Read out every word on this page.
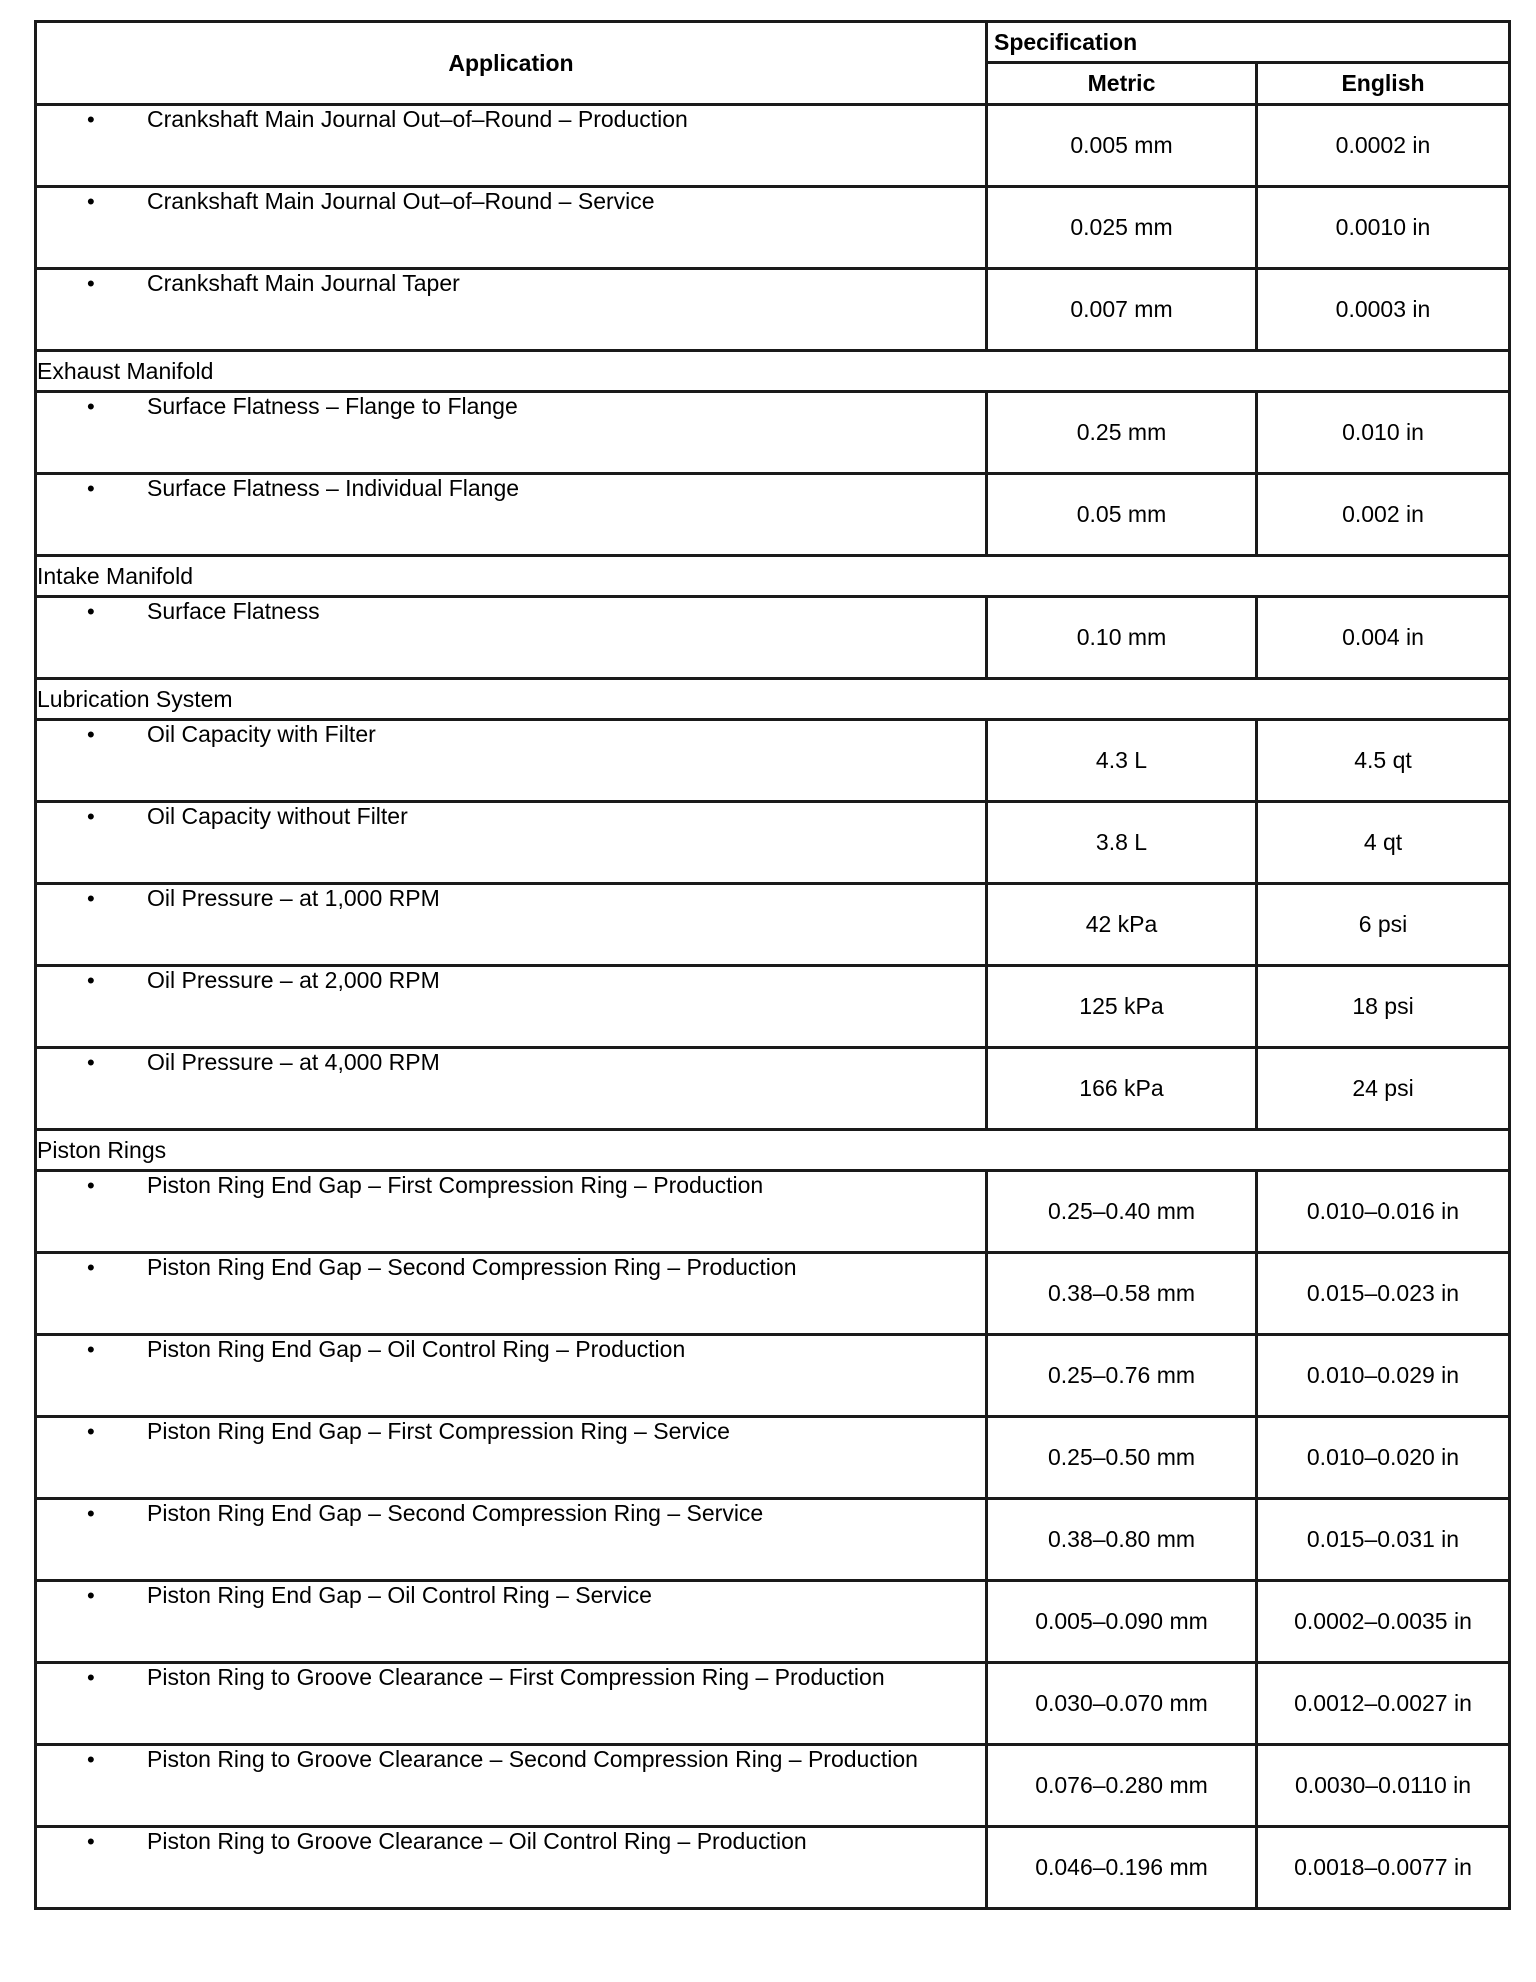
Application	Specification	
	Metric	English
• Crankshaft Main Journal Out–of–Round – Production	0.005 mm	0.0002 in
• Crankshaft Main Journal Out–of–Round – Service	0.025 mm	0.0010 in
• Crankshaft Main Journal Taper	0.007 mm	0.0003 in
Exhaust Manifold		
• Surface Flatness – Flange to Flange	0.25 mm	0.010 in
• Surface Flatness – Individual Flange	0.05 mm	0.002 in
Intake Manifold		
• Surface Flatness	0.10 mm	0.004 in
Lubrication System		
• Oil Capacity with Filter	4.3 L	4.5 qt
• Oil Capacity without Filter	3.8 L	4 qt
• Oil Pressure – at 1,000 RPM	42 kPa	6 psi
• Oil Pressure – at 2,000 RPM	125 kPa	18 psi
• Oil Pressure – at 4,000 RPM	166 kPa	24 psi
Piston Rings		
• Piston Ring End Gap – First Compression Ring – Production	0.25–0.40 mm	0.010–0.016 in
• Piston Ring End Gap – Second Compression Ring – Production	0.38–0.58 mm	0.015–0.023 in
• Piston Ring End Gap – Oil Control Ring – Production	0.25–0.76 mm	0.010–0.029 in
• Piston Ring End Gap – First Compression Ring – Service	0.25–0.50 mm	0.010–0.020 in
• Piston Ring End Gap – Second Compression Ring – Service	0.38–0.80 mm	0.015–0.031 in
• Piston Ring End Gap – Oil Control Ring – Service	0.005–0.090 mm	0.0002–0.0035 in
• Piston Ring to Groove Clearance – First Compression Ring – Production	0.030–0.070 mm	0.0012–0.0027 in
• Piston Ring to Groove Clearance – Second Compression Ring – Production	0.076–0.280 mm	0.0030–0.0110 in
• Piston Ring to Groove Clearance – Oil Control Ring – Production	0.046–0.196 mm	0.0018–0.0077 in
